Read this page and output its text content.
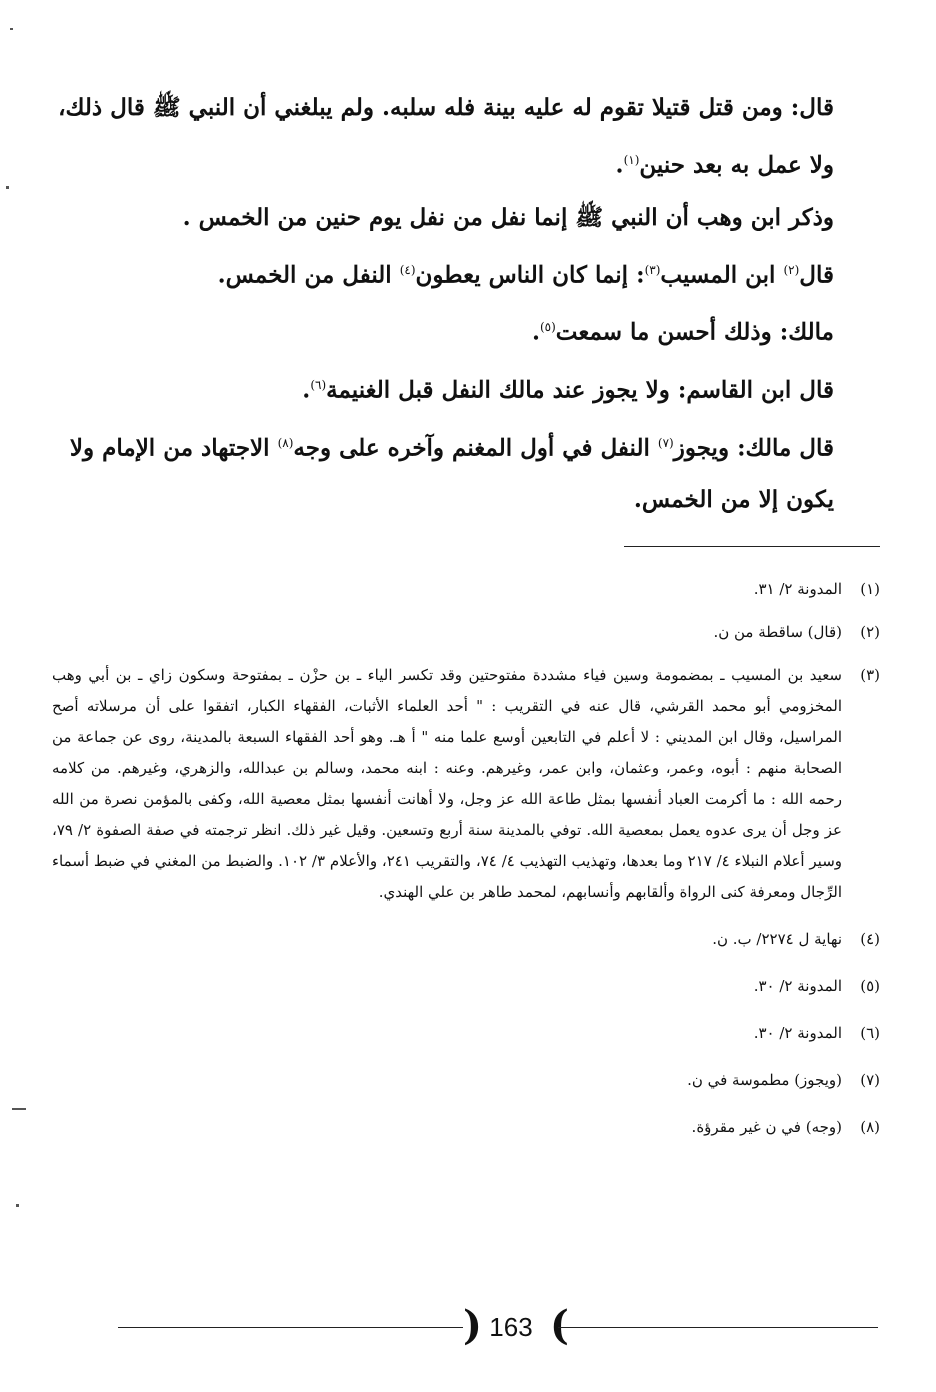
قال: ومن قتل قتيلا تقوم له عليه بينة فله سلبه. ولم يبلغني أن النبي ﷺ قال ذلك، ولا عمل به بعد حنين$^{(١)}$.

وذكر ابن وهب أن النبي ﷺ إنما نفل من نفل يوم حنين من الخمس .

قال$^{(٢)}$ ابن المسيب$^{(٣)}$: إنما كان الناس يعطون$^{(٤)}$ النفل من الخمس.

مالك: وذلك أحسن ما سمعت$^{(٥)}$.

قال ابن القاسم: ولا يجوز عند مالك النفل قبل الغنيمة$^{(٦)}$.

قال مالك: ويجوز$^{(٧)}$ النفل في أول المغنم وآخره على وجه$^{(٨)}$ الاجتهاد من الإمام ولا يكون إلا من الخمس.

(١)
المدونة ٢/ ٣١.
(٢)
(قال) ساقطة من ن.
(٣)
سعيد بن المسيب ـ بمضمومة وسين فياء مشددة مفتوحتين وقد تكسر الياء ـ بن حزْن ـ بمفتوحة وسكون زاي ـ بن أبي وهب المخزومي أبو محمد القرشي، قال عنه في التقريب : " أحد العلماء الأثبات، الفقهاء الكبار، اتفقوا على أن مرسلاته أصح المراسيل، وقال ابن المديني : لا أعلم في التابعين أوسع علما منه " أ هـ. وهو أحد الفقهاء السبعة بالمدينة، روى عن جماعة من الصحابة منهم : أبوه، وعمر، وعثمان، وابن عمر، وغيرهم. وعنه : ابنه محمد، وسالم بن عبدالله، والزهري، وغيرهم. من كلامه رحمه الله : ما أكرمت العباد أنفسها بمثل طاعة الله عز وجل، ولا أهانت أنفسها بمثل معصية الله، وكفى بالمؤمن نصرة من الله عز وجل أن يرى عدوه يعمل بمعصية الله. توفي بالمدينة سنة أربع وتسعين. وقيل غير ذلك. انظر ترجمته في صفة الصفوة ٢/ ٧٩، وسير أعلام النبلاء ٤/ ٢١٧ وما بعدها، وتهذيب التهذيب ٤/ ٧٤، والتقريب ٢٤١، والأعلام ٣/ ١٠٢. والضبط من المغني في ضبط أسماء الرِّجال ومعرفة كنى الرواة وألقابهم وأنسابهم، لمحمد طاهر بن علي الهندي.
(٤)
نهاية ل ٢٢٧٤/ ب. ن.
(٥)
المدونة ٢/ ٣٠.
(٦)
المدونة ٢/ ٣٠.
(٧)
(ويجوز) مطموسة في ن.
(٨)
(وجه) في ن غير مقرؤة.
( 163 )
